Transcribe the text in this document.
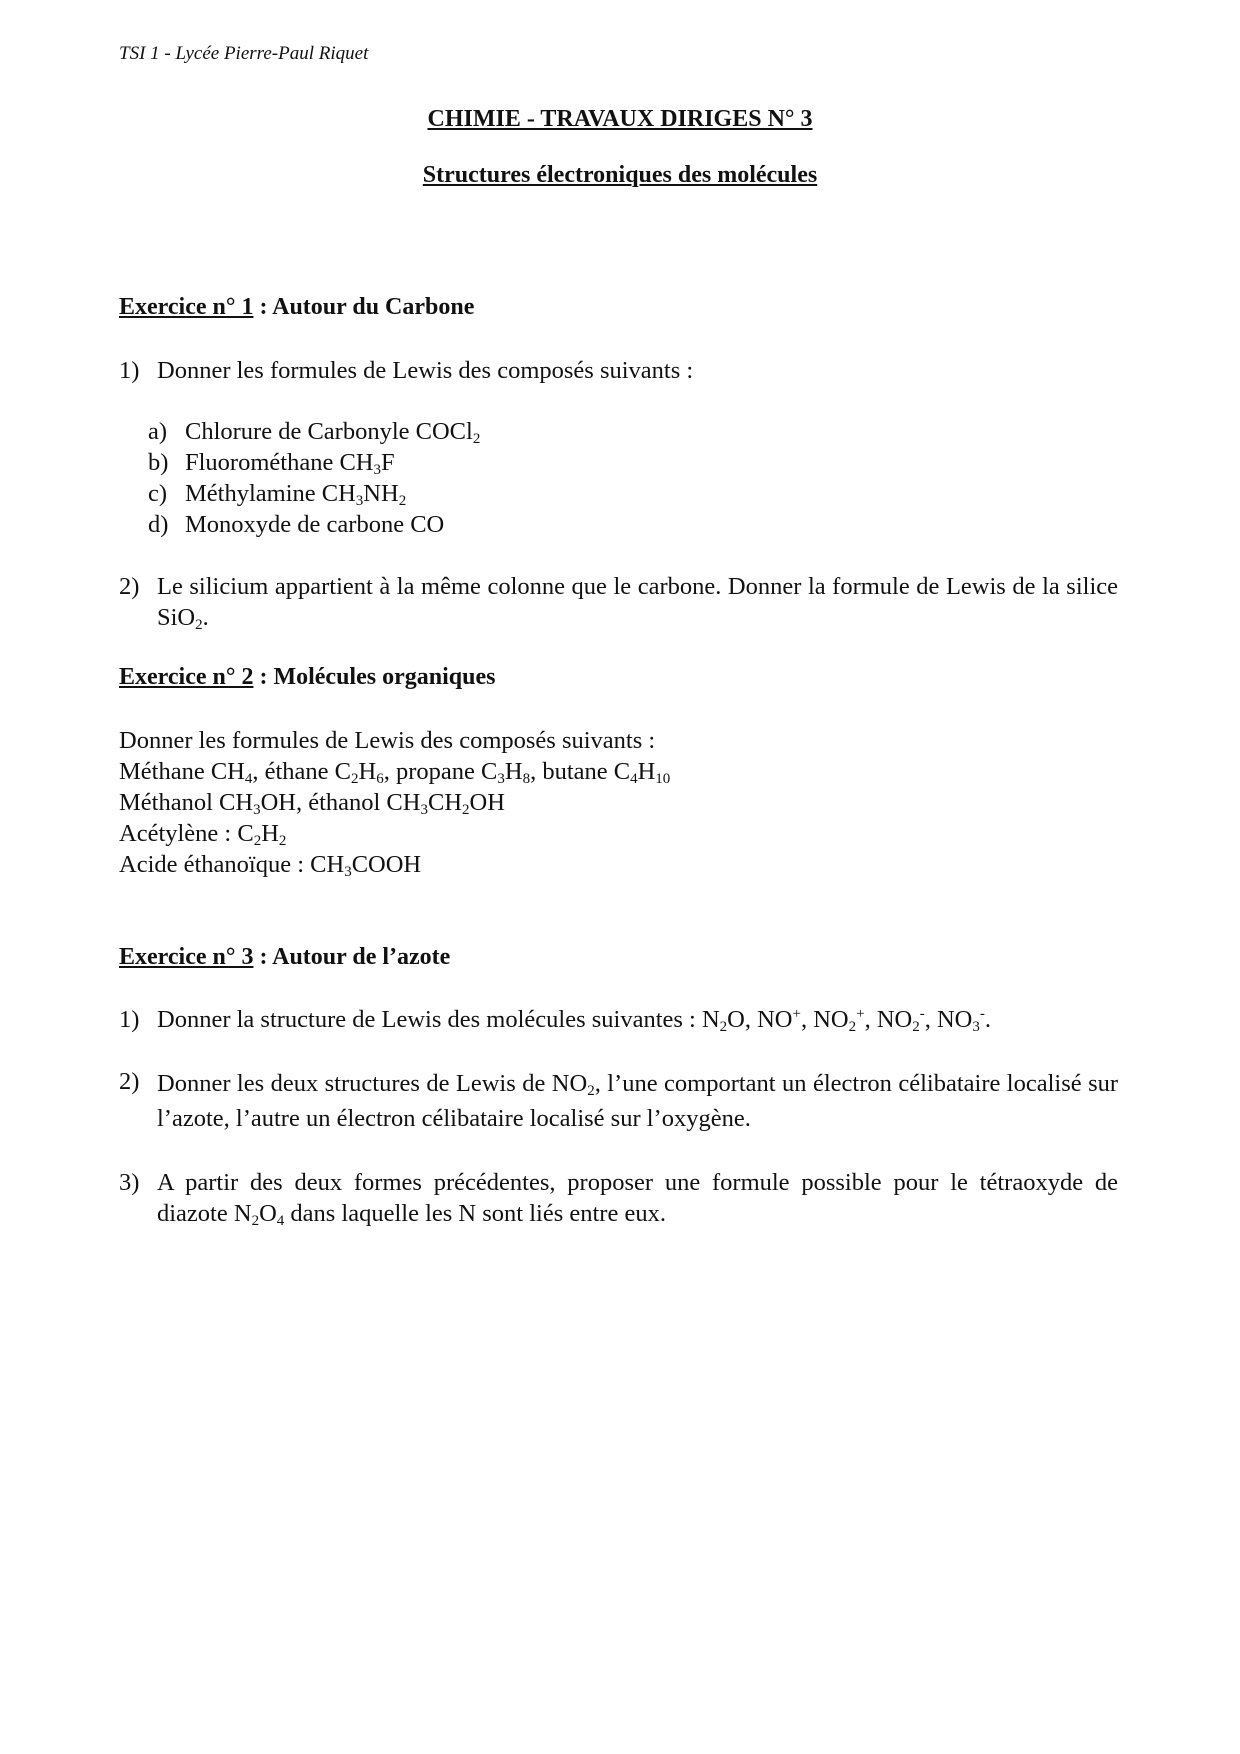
TSI 1 - Lycée Pierre-Paul Riquet
CHIMIE - TRAVAUX DIRIGES N° 3
Structures électroniques des molécules
Exercice n° 1 : Autour du Carbone
1) Donner les formules de Lewis des composés suivants :
a) Chlorure de Carbonyle COCl$_2$
b) Fluorométhane $CH_3F$
c) Méthylamine $CH_3NH_2$
d) Monoxyde de carbone CO
2) Le silicium appartient à la même colonne que le carbone. Donner la formule de Lewis de la silice SiO$_2$.
Exercice n° 2 : Molécules organiques
Donner les formules de Lewis des composés suivants :
Méthane $CH_4$, éthane $C_2H_6$, propane $C_3H_8$, butane $C_4H_{10}$
Méthanol $CH_3OH$, éthanol $CH_3CH_2OH$
Acétylène : $C_2H_2$
Acide éthanoïque : $CH_3COOH$
Exercice n° 3 : Autour de l’azote
1) Donner la structure de Lewis des molécules suivantes : $N_2O$, NO+, $NO_2^+$, $NO_2^-$, $NO_3^-$.
2) Donner les deux structures de Lewis de $NO_2$, l’une comportant un électron célibataire localisé sur l’azote, l’autre un électron célibataire localisé sur l’oxygène.
3) A partir des deux formes précédentes, proposer une formule possible pour le tétraoxyde de diazote $N_2O_4$ dans laquelle les N sont liés entre eux.
